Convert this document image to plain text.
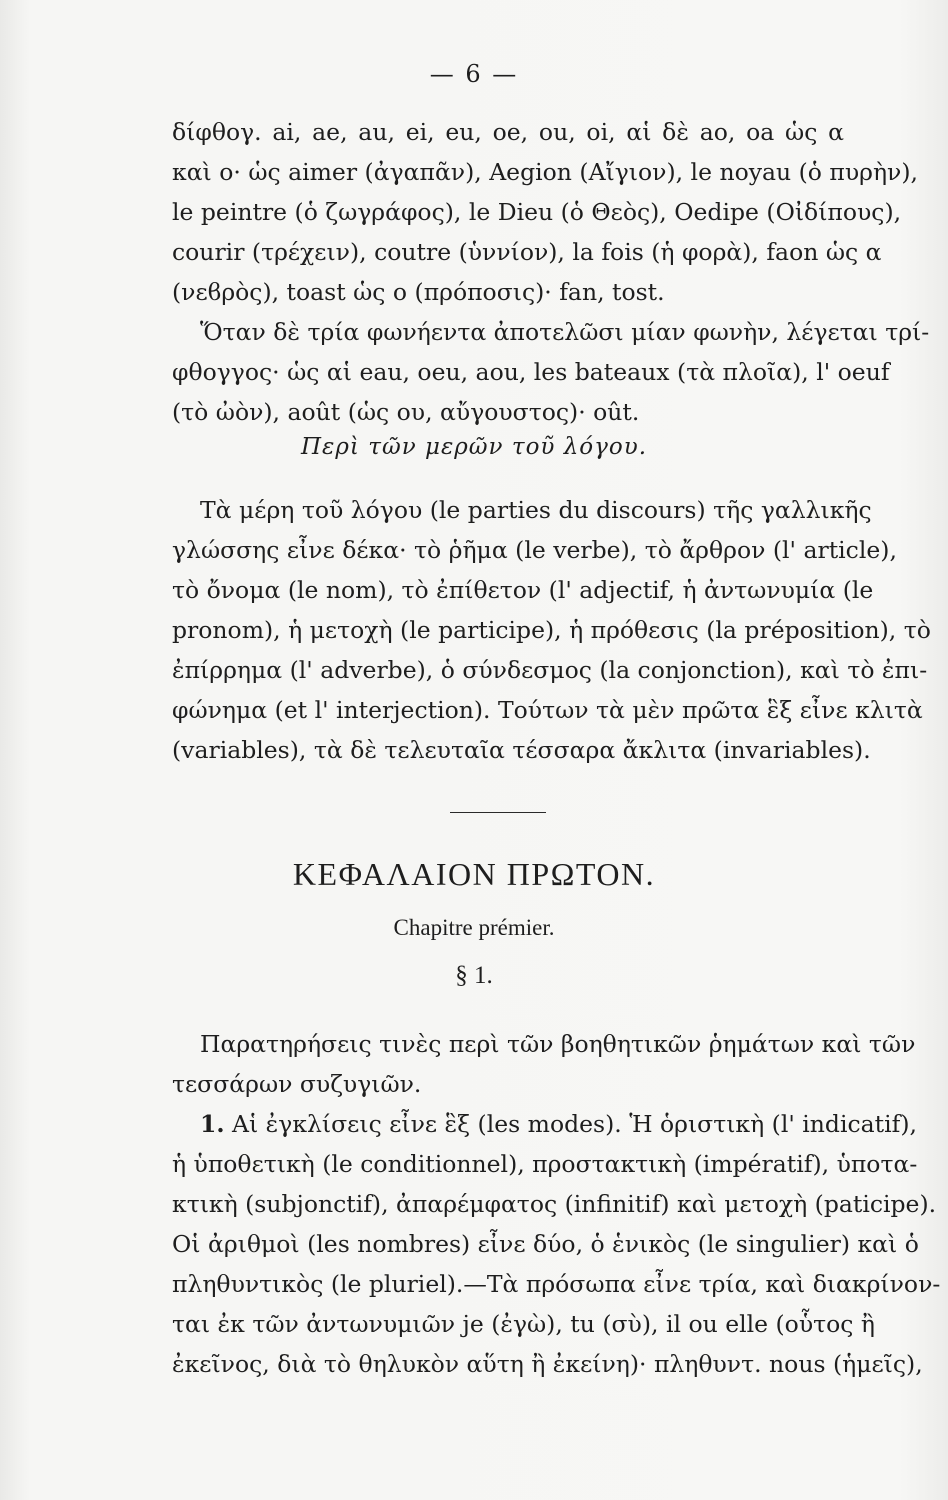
— 6 —
δίφθογ. ai, ae, au, ei, eu, oe, ou, oi, αἱ δὲ ao, oa ὡς α
καὶ ο· ὡς aimer (ἀγαπᾶν), Aegion (Αἴγιον), le noyau (ὁ πυρὴν),
le peintre (ὁ ζωγράφος), le Dieu (ὁ Θεὸς), Oedipe (Οἰδίπους),
courir (τρέχειν), coutre (ὑννίον), la fois (ἡ φορὰ), faon ὡς α
(νεϐρὸς), toast ὡς ο (πρόποσις)· fan, tost.
Ὅταν δὲ τρία φωνήεντα ἀποτελῶσι μίαν φωνὴν, λέγεται τρί-
φθογγος· ὡς αἱ eau, oeu, aou, les bateaux (τὰ πλοῖα), l' oeuf
(τὸ ὠὸν), août (ὡς ου, αὔγουστος)· oût.
Περὶ τῶν μερῶν τοῦ λόγου.
Τὰ μέρη τοῦ λόγου (le parties du discours) τῆς γαλλικῆς
γλώσσης εἶνε δέκα· τὸ ῥῆμα (le verbe), τὸ ἄρθρον (l' article),
τὸ ὄνομα (le nom), τὸ ἐπίθετον (l' adjectif, ἡ ἀντωνυμία (le
pronom), ἡ μετοχὴ (le participe), ἡ πρόθεσις (la préposition), τὸ
ἐπίρρημα (l' adverbe), ὁ σύνδεσμος (la conjonction), καὶ τὸ ἐπι-
φώνημα (et l' interjection). Τούτων τὰ μὲν πρῶτα ἓξ εἶνε κλιτὰ
(variables), τὰ δὲ τελευταῖα τέσσαρα ἄκλιτα (invariables).
ΚΕΦΑΛΑΙΟΝ ΠΡΩΤΟΝ.
Chapitre prémier.
§ 1.
Παρατηρήσεις τινὲς περὶ τῶν βοηθητικῶν ῥημάτων καὶ τῶν
τεσσάρων συζυγιῶν.
1. Αἱ ἐγκλίσεις εἶνε ἓξ (les modes). Ἡ ὁριστικὴ (l' indicatif),
ἡ ὑποθετικὴ (le conditionnel), προστακτικὴ (impératif), ὑποτα-
κτικὴ (subjonctif), ἀπαρέμφατος (infinitif) καὶ μετοχὴ (paticipe).
Οἱ ἀριθμοὶ (les nombres) εἶνε δύο, ὁ ἑνικὸς (le singulier) καὶ ὁ
πληθυντικὸς (le pluriel).—Τὰ πρόσωπα εἶνε τρία, καὶ διακρίνον-
ται ἐκ τῶν ἀντωνυμιῶν je (ἐγὼ), tu (σὺ), il ou elle (οὗτος ἢ
ἐκεῖνος, διὰ τὸ θηλυκὸν αὕτη ἢ ἐκείνη)· πληθυντ. nous (ἡμεῖς),
